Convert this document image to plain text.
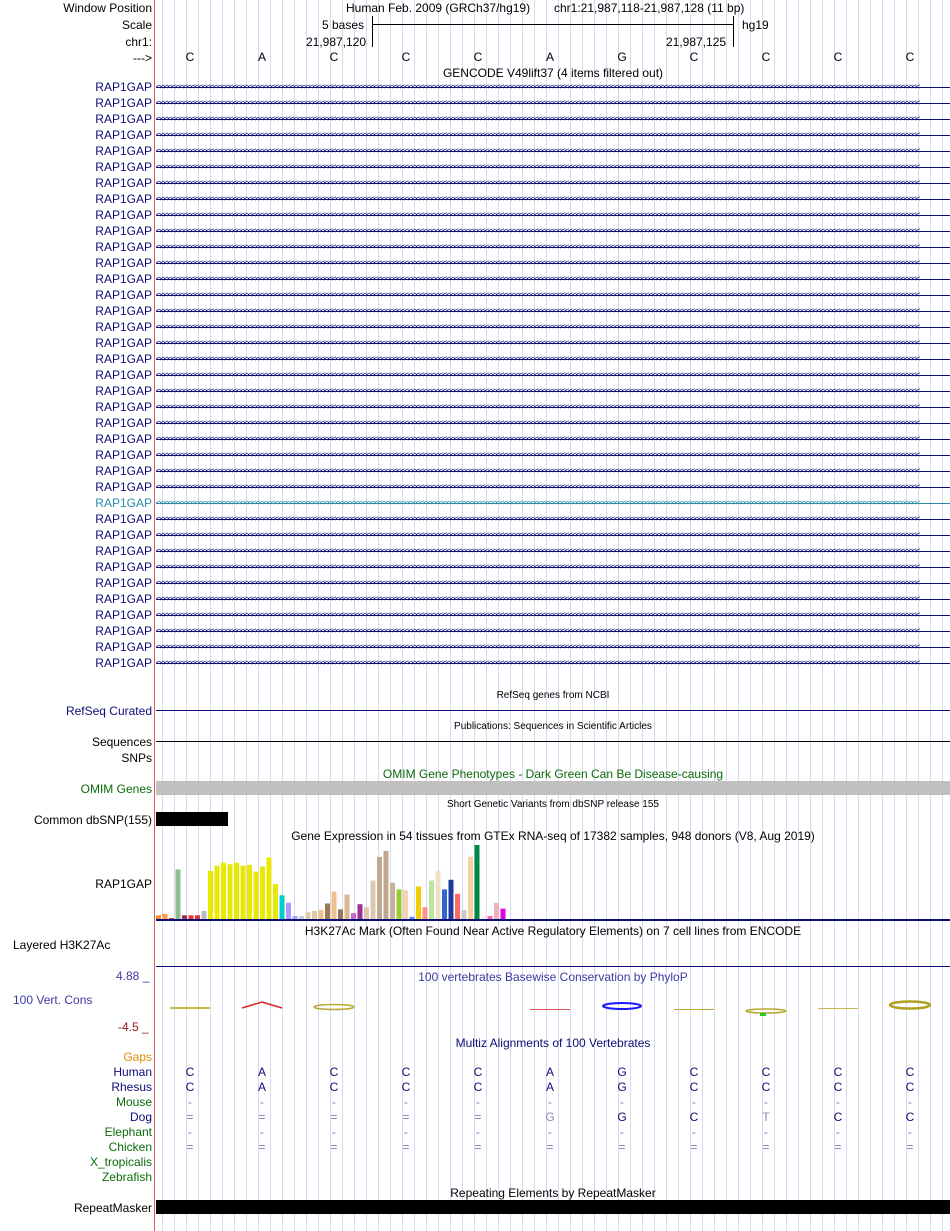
Window Position
Scale
chr1:
--->
Human Feb. 2009 (GRCh37/hg19) chr1:21,987,118-21,987,128 (11 bp)
5 bases	hg19
21,987,120	21,987,125
C	A	C	C	C	A	G	C	C	C	C
GENCODE V49lift37 (4 items filtered out)
RAP1GAP <<<<<<<<<<<<<<<<<<<<<<<<<<<<<<<<<<<<<<<<<<<<<<<<<<<<<<<<<<<<<<<<<<<<<<<<<<<<<<<<<<<<<<<<<<<<<<<<<<<<<<<<<<<<<<<<<<<<<<<<<<<<<<<<<<<<<<<<<<<<<<<<<<<<<<<<<<<<<<<<<<<<<<<<<<<<<<<<<<<<<<<<<<<<<<<<<<<<<<<<
RAP1GAP <<<<<<<<<<<<<<<<<<<<<<<<<<<<<<<<<<<<<<<<<<<<<<<<<<<<<<<<<<<<<<<<<<<<<<<<<<<<<<<<<<<<<<<<<<<<<<<<<<<<<<<<<<<<<<<<<<<<<<<<<<<<<<<<<<<<<<<<<<<<<<<<<<<<<<<<<<<<<<<<<<<<<<<<<<<<<<<<<<<<<<<<<<<<<<<<<<<<<<<<
RAP1GAP <<<<<<<<<<<<<<<<<<<<<<<<<<<<<<<<<<<<<<<<<<<<<<<<<<<<<<<<<<<<<<<<<<<<<<<<<<<<<<<<<<<<<<<<<<<<<<<<<<<<<<<<<<<<<<<<<<<<<<<<<<<<<<<<<<<<<<<<<<<<<<<<<<<<<<<<<<<<<<<<<<<<<<<<<<<<<<<<<<<<<<<<<<<<<<<<<<<<<<<<
RAP1GAP <<<<<<<<<<<<<<<<<<<<<<<<<<<<<<<<<<<<<<<<<<<<<<<<<<<<<<<<<<<<<<<<<<<<<<<<<<<<<<<<<<<<<<<<<<<<<<<<<<<<<<<<<<<<<<<<<<<<<<<<<<<<<<<<<<<<<<<<<<<<<<<<<<<<<<<<<<<<<<<<<<<<<<<<<<<<<<<<<<<<<<<<<<<<<<<<<<<<<<<<
RAP1GAP <<<<<<<<<<<<<<<<<<<<<<<<<<<<<<<<<<<<<<<<<<<<<<<<<<<<<<<<<<<<<<<<<<<<<<<<<<<<<<<<<<<<<<<<<<<<<<<<<<<<<<<<<<<<<<<<<<<<<<<<<<<<<<<<<<<<<<<<<<<<<<<<<<<<<<<<<<<<<<<<<<<<<<<<<<<<<<<<<<<<<<<<<<<<<<<<<<<<<<<<
RAP1GAP <<<<<<<<<<<<<<<<<<<<<<<<<<<<<<<<<<<<<<<<<<<<<<<<<<<<<<<<<<<<<<<<<<<<<<<<<<<<<<<<<<<<<<<<<<<<<<<<<<<<<<<<<<<<<<<<<<<<<<<<<<<<<<<<<<<<<<<<<<<<<<<<<<<<<<<<<<<<<<<<<<<<<<<<<<<<<<<<<<<<<<<<<<<<<<<<<<<<<<<<
RAP1GAP <<<<<<<<<<<<<<<<<<<<<<<<<<<<<<<<<<<<<<<<<<<<<<<<<<<<<<<<<<<<<<<<<<<<<<<<<<<<<<<<<<<<<<<<<<<<<<<<<<<<<<<<<<<<<<<<<<<<<<<<<<<<<<<<<<<<<<<<<<<<<<<<<<<<<<<<<<<<<<<<<<<<<<<<<<<<<<<<<<<<<<<<<<<<<<<<<<<<<<<<
RAP1GAP <<<<<<<<<<<<<<<<<<<<<<<<<<<<<<<<<<<<<<<<<<<<<<<<<<<<<<<<<<<<<<<<<<<<<<<<<<<<<<<<<<<<<<<<<<<<<<<<<<<<<<<<<<<<<<<<<<<<<<<<<<<<<<<<<<<<<<<<<<<<<<<<<<<<<<<<<<<<<<<<<<<<<<<<<<<<<<<<<<<<<<<<<<<<<<<<<<<<<<<<
RAP1GAP <<<<<<<<<<<<<<<<<<<<<<<<<<<<<<<<<<<<<<<<<<<<<<<<<<<<<<<<<<<<<<<<<<<<<<<<<<<<<<<<<<<<<<<<<<<<<<<<<<<<<<<<<<<<<<<<<<<<<<<<<<<<<<<<<<<<<<<<<<<<<<<<<<<<<<<<<<<<<<<<<<<<<<<<<<<<<<<<<<<<<<<<<<<<<<<<<<<<<<<<
RAP1GAP <<<<<<<<<<<<<<<<<<<<<<<<<<<<<<<<<<<<<<<<<<<<<<<<<<<<<<<<<<<<<<<<<<<<<<<<<<<<<<<<<<<<<<<<<<<<<<<<<<<<<<<<<<<<<<<<<<<<<<<<<<<<<<<<<<<<<<<<<<<<<<<<<<<<<<<<<<<<<<<<<<<<<<<<<<<<<<<<<<<<<<<<<<<<<<<<<<<<<<<<
RAP1GAP <<<<<<<<<<<<<<<<<<<<<<<<<<<<<<<<<<<<<<<<<<<<<<<<<<<<<<<<<<<<<<<<<<<<<<<<<<<<<<<<<<<<<<<<<<<<<<<<<<<<<<<<<<<<<<<<<<<<<<<<<<<<<<<<<<<<<<<<<<<<<<<<<<<<<<<<<<<<<<<<<<<<<<<<<<<<<<<<<<<<<<<<<<<<<<<<<<<<<<<<
RAP1GAP <<<<<<<<<<<<<<<<<<<<<<<<<<<<<<<<<<<<<<<<<<<<<<<<<<<<<<<<<<<<<<<<<<<<<<<<<<<<<<<<<<<<<<<<<<<<<<<<<<<<<<<<<<<<<<<<<<<<<<<<<<<<<<<<<<<<<<<<<<<<<<<<<<<<<<<<<<<<<<<<<<<<<<<<<<<<<<<<<<<<<<<<<<<<<<<<<<<<<<<<
RAP1GAP <<<<<<<<<<<<<<<<<<<<<<<<<<<<<<<<<<<<<<<<<<<<<<<<<<<<<<<<<<<<<<<<<<<<<<<<<<<<<<<<<<<<<<<<<<<<<<<<<<<<<<<<<<<<<<<<<<<<<<<<<<<<<<<<<<<<<<<<<<<<<<<<<<<<<<<<<<<<<<<<<<<<<<<<<<<<<<<<<<<<<<<<<<<<<<<<<<<<<<<<
RAP1GAP <<<<<<<<<<<<<<<<<<<<<<<<<<<<<<<<<<<<<<<<<<<<<<<<<<<<<<<<<<<<<<<<<<<<<<<<<<<<<<<<<<<<<<<<<<<<<<<<<<<<<<<<<<<<<<<<<<<<<<<<<<<<<<<<<<<<<<<<<<<<<<<<<<<<<<<<<<<<<<<<<<<<<<<<<<<<<<<<<<<<<<<<<<<<<<<<<<<<<<<<
RAP1GAP <<<<<<<<<<<<<<<<<<<<<<<<<<<<<<<<<<<<<<<<<<<<<<<<<<<<<<<<<<<<<<<<<<<<<<<<<<<<<<<<<<<<<<<<<<<<<<<<<<<<<<<<<<<<<<<<<<<<<<<<<<<<<<<<<<<<<<<<<<<<<<<<<<<<<<<<<<<<<<<<<<<<<<<<<<<<<<<<<<<<<<<<<<<<<<<<<<<<<<<<
RAP1GAP <<<<<<<<<<<<<<<<<<<<<<<<<<<<<<<<<<<<<<<<<<<<<<<<<<<<<<<<<<<<<<<<<<<<<<<<<<<<<<<<<<<<<<<<<<<<<<<<<<<<<<<<<<<<<<<<<<<<<<<<<<<<<<<<<<<<<<<<<<<<<<<<<<<<<<<<<<<<<<<<<<<<<<<<<<<<<<<<<<<<<<<<<<<<<<<<<<<<<<<<
RAP1GAP <<<<<<<<<<<<<<<<<<<<<<<<<<<<<<<<<<<<<<<<<<<<<<<<<<<<<<<<<<<<<<<<<<<<<<<<<<<<<<<<<<<<<<<<<<<<<<<<<<<<<<<<<<<<<<<<<<<<<<<<<<<<<<<<<<<<<<<<<<<<<<<<<<<<<<<<<<<<<<<<<<<<<<<<<<<<<<<<<<<<<<<<<<<<<<<<<<<<<<<<
RAP1GAP <<<<<<<<<<<<<<<<<<<<<<<<<<<<<<<<<<<<<<<<<<<<<<<<<<<<<<<<<<<<<<<<<<<<<<<<<<<<<<<<<<<<<<<<<<<<<<<<<<<<<<<<<<<<<<<<<<<<<<<<<<<<<<<<<<<<<<<<<<<<<<<<<<<<<<<<<<<<<<<<<<<<<<<<<<<<<<<<<<<<<<<<<<<<<<<<<<<<<<<<
RAP1GAP <<<<<<<<<<<<<<<<<<<<<<<<<<<<<<<<<<<<<<<<<<<<<<<<<<<<<<<<<<<<<<<<<<<<<<<<<<<<<<<<<<<<<<<<<<<<<<<<<<<<<<<<<<<<<<<<<<<<<<<<<<<<<<<<<<<<<<<<<<<<<<<<<<<<<<<<<<<<<<<<<<<<<<<<<<<<<<<<<<<<<<<<<<<<<<<<<<<<<<<<
RAP1GAP <<<<<<<<<<<<<<<<<<<<<<<<<<<<<<<<<<<<<<<<<<<<<<<<<<<<<<<<<<<<<<<<<<<<<<<<<<<<<<<<<<<<<<<<<<<<<<<<<<<<<<<<<<<<<<<<<<<<<<<<<<<<<<<<<<<<<<<<<<<<<<<<<<<<<<<<<<<<<<<<<<<<<<<<<<<<<<<<<<<<<<<<<<<<<<<<<<<<<<<<
RAP1GAP <<<<<<<<<<<<<<<<<<<<<<<<<<<<<<<<<<<<<<<<<<<<<<<<<<<<<<<<<<<<<<<<<<<<<<<<<<<<<<<<<<<<<<<<<<<<<<<<<<<<<<<<<<<<<<<<<<<<<<<<<<<<<<<<<<<<<<<<<<<<<<<<<<<<<<<<<<<<<<<<<<<<<<<<<<<<<<<<<<<<<<<<<<<<<<<<<<<<<<<<
RAP1GAP <<<<<<<<<<<<<<<<<<<<<<<<<<<<<<<<<<<<<<<<<<<<<<<<<<<<<<<<<<<<<<<<<<<<<<<<<<<<<<<<<<<<<<<<<<<<<<<<<<<<<<<<<<<<<<<<<<<<<<<<<<<<<<<<<<<<<<<<<<<<<<<<<<<<<<<<<<<<<<<<<<<<<<<<<<<<<<<<<<<<<<<<<<<<<<<<<<<<<<<<
RAP1GAP <<<<<<<<<<<<<<<<<<<<<<<<<<<<<<<<<<<<<<<<<<<<<<<<<<<<<<<<<<<<<<<<<<<<<<<<<<<<<<<<<<<<<<<<<<<<<<<<<<<<<<<<<<<<<<<<<<<<<<<<<<<<<<<<<<<<<<<<<<<<<<<<<<<<<<<<<<<<<<<<<<<<<<<<<<<<<<<<<<<<<<<<<<<<<<<<<<<<<<<<
RAP1GAP <<<<<<<<<<<<<<<<<<<<<<<<<<<<<<<<<<<<<<<<<<<<<<<<<<<<<<<<<<<<<<<<<<<<<<<<<<<<<<<<<<<<<<<<<<<<<<<<<<<<<<<<<<<<<<<<<<<<<<<<<<<<<<<<<<<<<<<<<<<<<<<<<<<<<<<<<<<<<<<<<<<<<<<<<<<<<<<<<<<<<<<<<<<<<<<<<<<<<<<<
RAP1GAP <<<<<<<<<<<<<<<<<<<<<<<<<<<<<<<<<<<<<<<<<<<<<<<<<<<<<<<<<<<<<<<<<<<<<<<<<<<<<<<<<<<<<<<<<<<<<<<<<<<<<<<<<<<<<<<<<<<<<<<<<<<<<<<<<<<<<<<<<<<<<<<<<<<<<<<<<<<<<<<<<<<<<<<<<<<<<<<<<<<<<<<<<<<<<<<<<<<<<<<<
RAP1GAP <<<<<<<<<<<<<<<<<<<<<<<<<<<<<<<<<<<<<<<<<<<<<<<<<<<<<<<<<<<<<<<<<<<<<<<<<<<<<<<<<<<<<<<<<<<<<<<<<<<<<<<<<<<<<<<<<<<<<<<<<<<<<<<<<<<<<<<<<<<<<<<<<<<<<<<<<<<<<<<<<<<<<<<<<<<<<<<<<<<<<<<<<<<<<<<<<<<<<<<<
RAP1GAP <<<<<<<<<<<<<<<<<<<<<<<<<<<<<<<<<<<<<<<<<<<<<<<<<<<<<<<<<<<<<<<<<<<<<<<<<<<<<<<<<<<<<<<<<<<<<<<<<<<<<<<<<<<<<<<<<<<<<<<<<<<<<<<<<<<<<<<<<<<<<<<<<<<<<<<<<<<<<<<<<<<<<<<<<<<<<<<<<<<<<<<<<<<<<<<<<<<<<<<<
RAP1GAP <<<<<<<<<<<<<<<<<<<<<<<<<<<<<<<<<<<<<<<<<<<<<<<<<<<<<<<<<<<<<<<<<<<<<<<<<<<<<<<<<<<<<<<<<<<<<<<<<<<<<<<<<<<<<<<<<<<<<<<<<<<<<<<<<<<<<<<<<<<<<<<<<<<<<<<<<<<<<<<<<<<<<<<<<<<<<<<<<<<<<<<<<<<<<<<<<<<<<<<<
RAP1GAP <<<<<<<<<<<<<<<<<<<<<<<<<<<<<<<<<<<<<<<<<<<<<<<<<<<<<<<<<<<<<<<<<<<<<<<<<<<<<<<<<<<<<<<<<<<<<<<<<<<<<<<<<<<<<<<<<<<<<<<<<<<<<<<<<<<<<<<<<<<<<<<<<<<<<<<<<<<<<<<<<<<<<<<<<<<<<<<<<<<<<<<<<<<<<<<<<<<<<<<<
RAP1GAP <<<<<<<<<<<<<<<<<<<<<<<<<<<<<<<<<<<<<<<<<<<<<<<<<<<<<<<<<<<<<<<<<<<<<<<<<<<<<<<<<<<<<<<<<<<<<<<<<<<<<<<<<<<<<<<<<<<<<<<<<<<<<<<<<<<<<<<<<<<<<<<<<<<<<<<<<<<<<<<<<<<<<<<<<<<<<<<<<<<<<<<<<<<<<<<<<<<<<<<<
RAP1GAP <<<<<<<<<<<<<<<<<<<<<<<<<<<<<<<<<<<<<<<<<<<<<<<<<<<<<<<<<<<<<<<<<<<<<<<<<<<<<<<<<<<<<<<<<<<<<<<<<<<<<<<<<<<<<<<<<<<<<<<<<<<<<<<<<<<<<<<<<<<<<<<<<<<<<<<<<<<<<<<<<<<<<<<<<<<<<<<<<<<<<<<<<<<<<<<<<<<<<<<<
RAP1GAP <<<<<<<<<<<<<<<<<<<<<<<<<<<<<<<<<<<<<<<<<<<<<<<<<<<<<<<<<<<<<<<<<<<<<<<<<<<<<<<<<<<<<<<<<<<<<<<<<<<<<<<<<<<<<<<<<<<<<<<<<<<<<<<<<<<<<<<<<<<<<<<<<<<<<<<<<<<<<<<<<<<<<<<<<<<<<<<<<<<<<<<<<<<<<<<<<<<<<<<<
RAP1GAP <<<<<<<<<<<<<<<<<<<<<<<<<<<<<<<<<<<<<<<<<<<<<<<<<<<<<<<<<<<<<<<<<<<<<<<<<<<<<<<<<<<<<<<<<<<<<<<<<<<<<<<<<<<<<<<<<<<<<<<<<<<<<<<<<<<<<<<<<<<<<<<<<<<<<<<<<<<<<<<<<<<<<<<<<<<<<<<<<<<<<<<<<<<<<<<<<<<<<<<<
RAP1GAP <<<<<<<<<<<<<<<<<<<<<<<<<<<<<<<<<<<<<<<<<<<<<<<<<<<<<<<<<<<<<<<<<<<<<<<<<<<<<<<<<<<<<<<<<<<<<<<<<<<<<<<<<<<<<<<<<<<<<<<<<<<<<<<<<<<<<<<<<<<<<<<<<<<<<<<<<<<<<<<<<<<<<<<<<<<<<<<<<<<<<<<<<<<<<<<<<<<<<<<<
RAP1GAP <<<<<<<<<<<<<<<<<<<<<<<<<<<<<<<<<<<<<<<<<<<<<<<<<<<<<<<<<<<<<<<<<<<<<<<<<<<<<<<<<<<<<<<<<<<<<<<<<<<<<<<<<<<<<<<<<<<<<<<<<<<<<<<<<<<<<<<<<<<<<<<<<<<<<<<<<<<<<<<<<<<<<<<<<<<<<<<<<<<<<<<<<<<<<<<<<<<<<<<<
RAP1GAP <<<<<<<<<<<<<<<<<<<<<<<<<<<<<<<<<<<<<<<<<<<<<<<<<<<<<<<<<<<<<<<<<<<<<<<<<<<<<<<<<<<<<<<<<<<<<<<<<<<<<<<<<<<<<<<<<<<<<<<<<<<<<<<<<<<<<<<<<<<<<<<<<<<<<<<<<<<<<<<<<<<<<<<<<<<<<<<<<<<<<<<<<<<<<<<<<<<<<<<<
RAP1GAP <<<<<<<<<<<<<<<<<<<<<<<<<<<<<<<<<<<<<<<<<<<<<<<<<<<<<<<<<<<<<<<<<<<<<<<<<<<<<<<<<<<<<<<<<<<<<<<<<<<<<<<<<<<<<<<<<<<<<<<<<<<<<<<<<<<<<<<<<<<<<<<<<<<<<<<<<<<<<<<<<<<<<<<<<<<<<<<<<<<<<<<<<<<<<<<<<<<<<<<<
RefSeq genes from NCBI
RefSeq Curated
Publications: Sequences in Scientific Articles
Sequences
SNPs
OMIM Gene Phenotypes - Dark Green Can Be Disease-causing
OMIM Genes
Short Genetic Variants from dbSNP release 155
Common dbSNP(155)
Gene Expression in 54 tissues from GTEx RNA-seq of 17382 samples, 948 donors (V8, Aug 2019)
RAP1GAP
H3K27Ac Mark (Often Found Near Active Regulatory Elements) on 7 cell lines from ENCODE
Layered H3K27Ac
100 vertebrates Basewise Conservation by PhyloP
4.88 _
100 Vert. Cons
-4.5 _
Multiz Alignments of 100 Vertebrates
Gaps
Human	C	A	C	C	C	A	G	C	C	C	C
Rhesus	C	A	C	C	C	A	G	C	C	C	C
Mouse	-	-	-	-	-	-	-	-	-	-	-
Dog	=	=	=	=	=	G	G	C	T	C	C
Elephant	-	-	-	-	-	-	-	-	-	-	-
Chicken	=	=	=	=	=	=	=	=	=	=	=
X_tropicalis
Zebrafish
Repeating Elements by RepeatMasker
RepeatMasker
